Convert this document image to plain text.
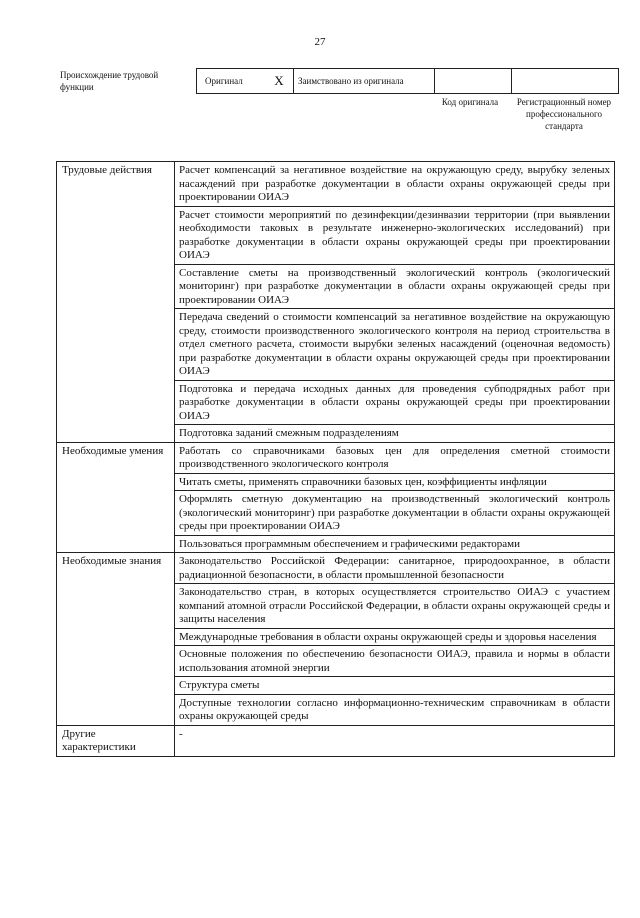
27
Происхождение трудовой функции
Оригинал	X	Заимствовано из оригинала		
Код оригинала	Регистрационный номер профессионального стандарта
Трудовые действия	Расчет компенсаций за негативное воздействие на окружающую среду, вырубку зеленых насаждений при разработке документации в области охраны окружающей среды при проектировании ОИАЭ
	Расчет стоимости мероприятий по дезинфекции/дезинвазии территории (при выявлении необходимости таковых в результате инженерно-экологических исследований) при разработке документации в области охраны окружающей среды при проектировании ОИАЭ
	Составление сметы на производственный экологический контроль (экологический мониторинг) при разработке документации в области охраны окружающей среды при проектировании ОИАЭ
	Передача сведений о стоимости компенсаций за негативное воздействие на окружающую среду, стоимости производственного экологического контроля на период строительства в отдел сметного расчета, стоимости вырубки зеленых насаждений (оценочная ведомость) при разработке документации в области охраны окружающей среды при проектировании ОИАЭ
	Подготовка и передача исходных данных для проведения субподрядных работ при разработке документации в области охраны окружающей среды при проектировании ОИАЭ
	Подготовка заданий смежным подразделениям
Необходимые умения	Работать со справочниками базовых цен для определения сметной стоимости производственного экологического контроля
	Читать сметы, применять справочники базовых цен, коэффициенты инфляции
	Оформлять сметную документацию на производственный экологический контроль (экологический мониторинг) при разработке документации в области охраны окружающей среды при проектировании ОИАЭ
	Пользоваться программным обеспечением и графическими редакторами
Необходимые знания	Законодательство Российской Федерации: санитарное, природоохранное, в области радиационной безопасности, в области промышленной безопасности
	Законодательство стран, в которых осуществляется строительство ОИАЭ с участием компаний атомной отрасли Российской Федерации, в области охраны окружающей среды и защиты населения
	Международные требования в области охраны окружающей среды и здоровья населения
	Основные положения по обеспечению безопасности ОИАЭ, правила и нормы в области использования атомной энергии
	Структура сметы
	Доступные технологии согласно информационно-техническим справочникам в области охраны окружающей среды
Другие характеристики	-
